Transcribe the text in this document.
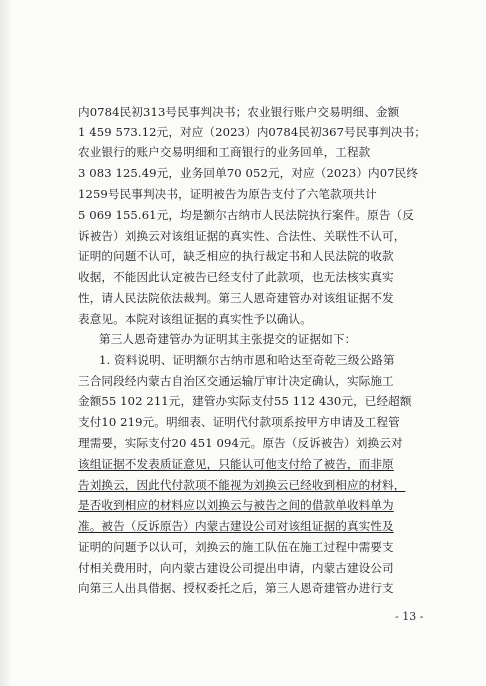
内0784民初313号民事判决书；农业银行账户交易明细、金额
1 459 573.12元，对应（2023）内0784民初367号民事判决书；
农业银行的账户交易明细和工商银行的业务回单，工程款
3 083 125.49元，业务回单70 052元，对应（2023）内07民终
1259号民事判决书，证明被告为原告支付了六笔款项共计
5 069 155.61元，均是额尔古纳市人民法院执行案件。原告（反
诉被告）刘换云对该组证据的真实性、合法性、关联性不认可，
证明的问题不认可，缺乏相应的执行裁定书和人民法院的收款
收据，不能因此认定被告已经支付了此款项，也无法核实真实
性，请人民法院依法裁判。第三人恩奇建管办对该组证据不发
表意见。本院对该组证据的真实性予以确认。
第三人恩奇建管办为证明其主张提交的证据如下：
1. 资料说明、证明额尔古纳市恩和哈达至奇乾三级公路第
三合同段经内蒙古自治区交通运输厅审计决定确认，实际施工
金额55 102 211元，建管办实际支付55 112 430元，已经超额
支付10 219元。明细表、证明代付款项系按甲方申请及工程管
理需要，实际支付20 451 094元。原告（反诉被告）刘换云对
该组证据不发表质证意见，只能认可他支付给了被告，而非原
告刘换云，因此代付款项不能视为刘换云已经收到相应的材料，
是否收到相应的材料应以刘换云与被告之间的借款单收料单为
准。被告（反诉原告）内蒙古建设公司对该组证据的真实性及
证明的问题予以认可，刘换云的施工队伍在施工过程中需要支
付相关费用时，向内蒙古建设公司提出申请，内蒙古建设公司
向第三人出具借据、授权委托之后，第三人恩奇建管办进行支
- 13 -
